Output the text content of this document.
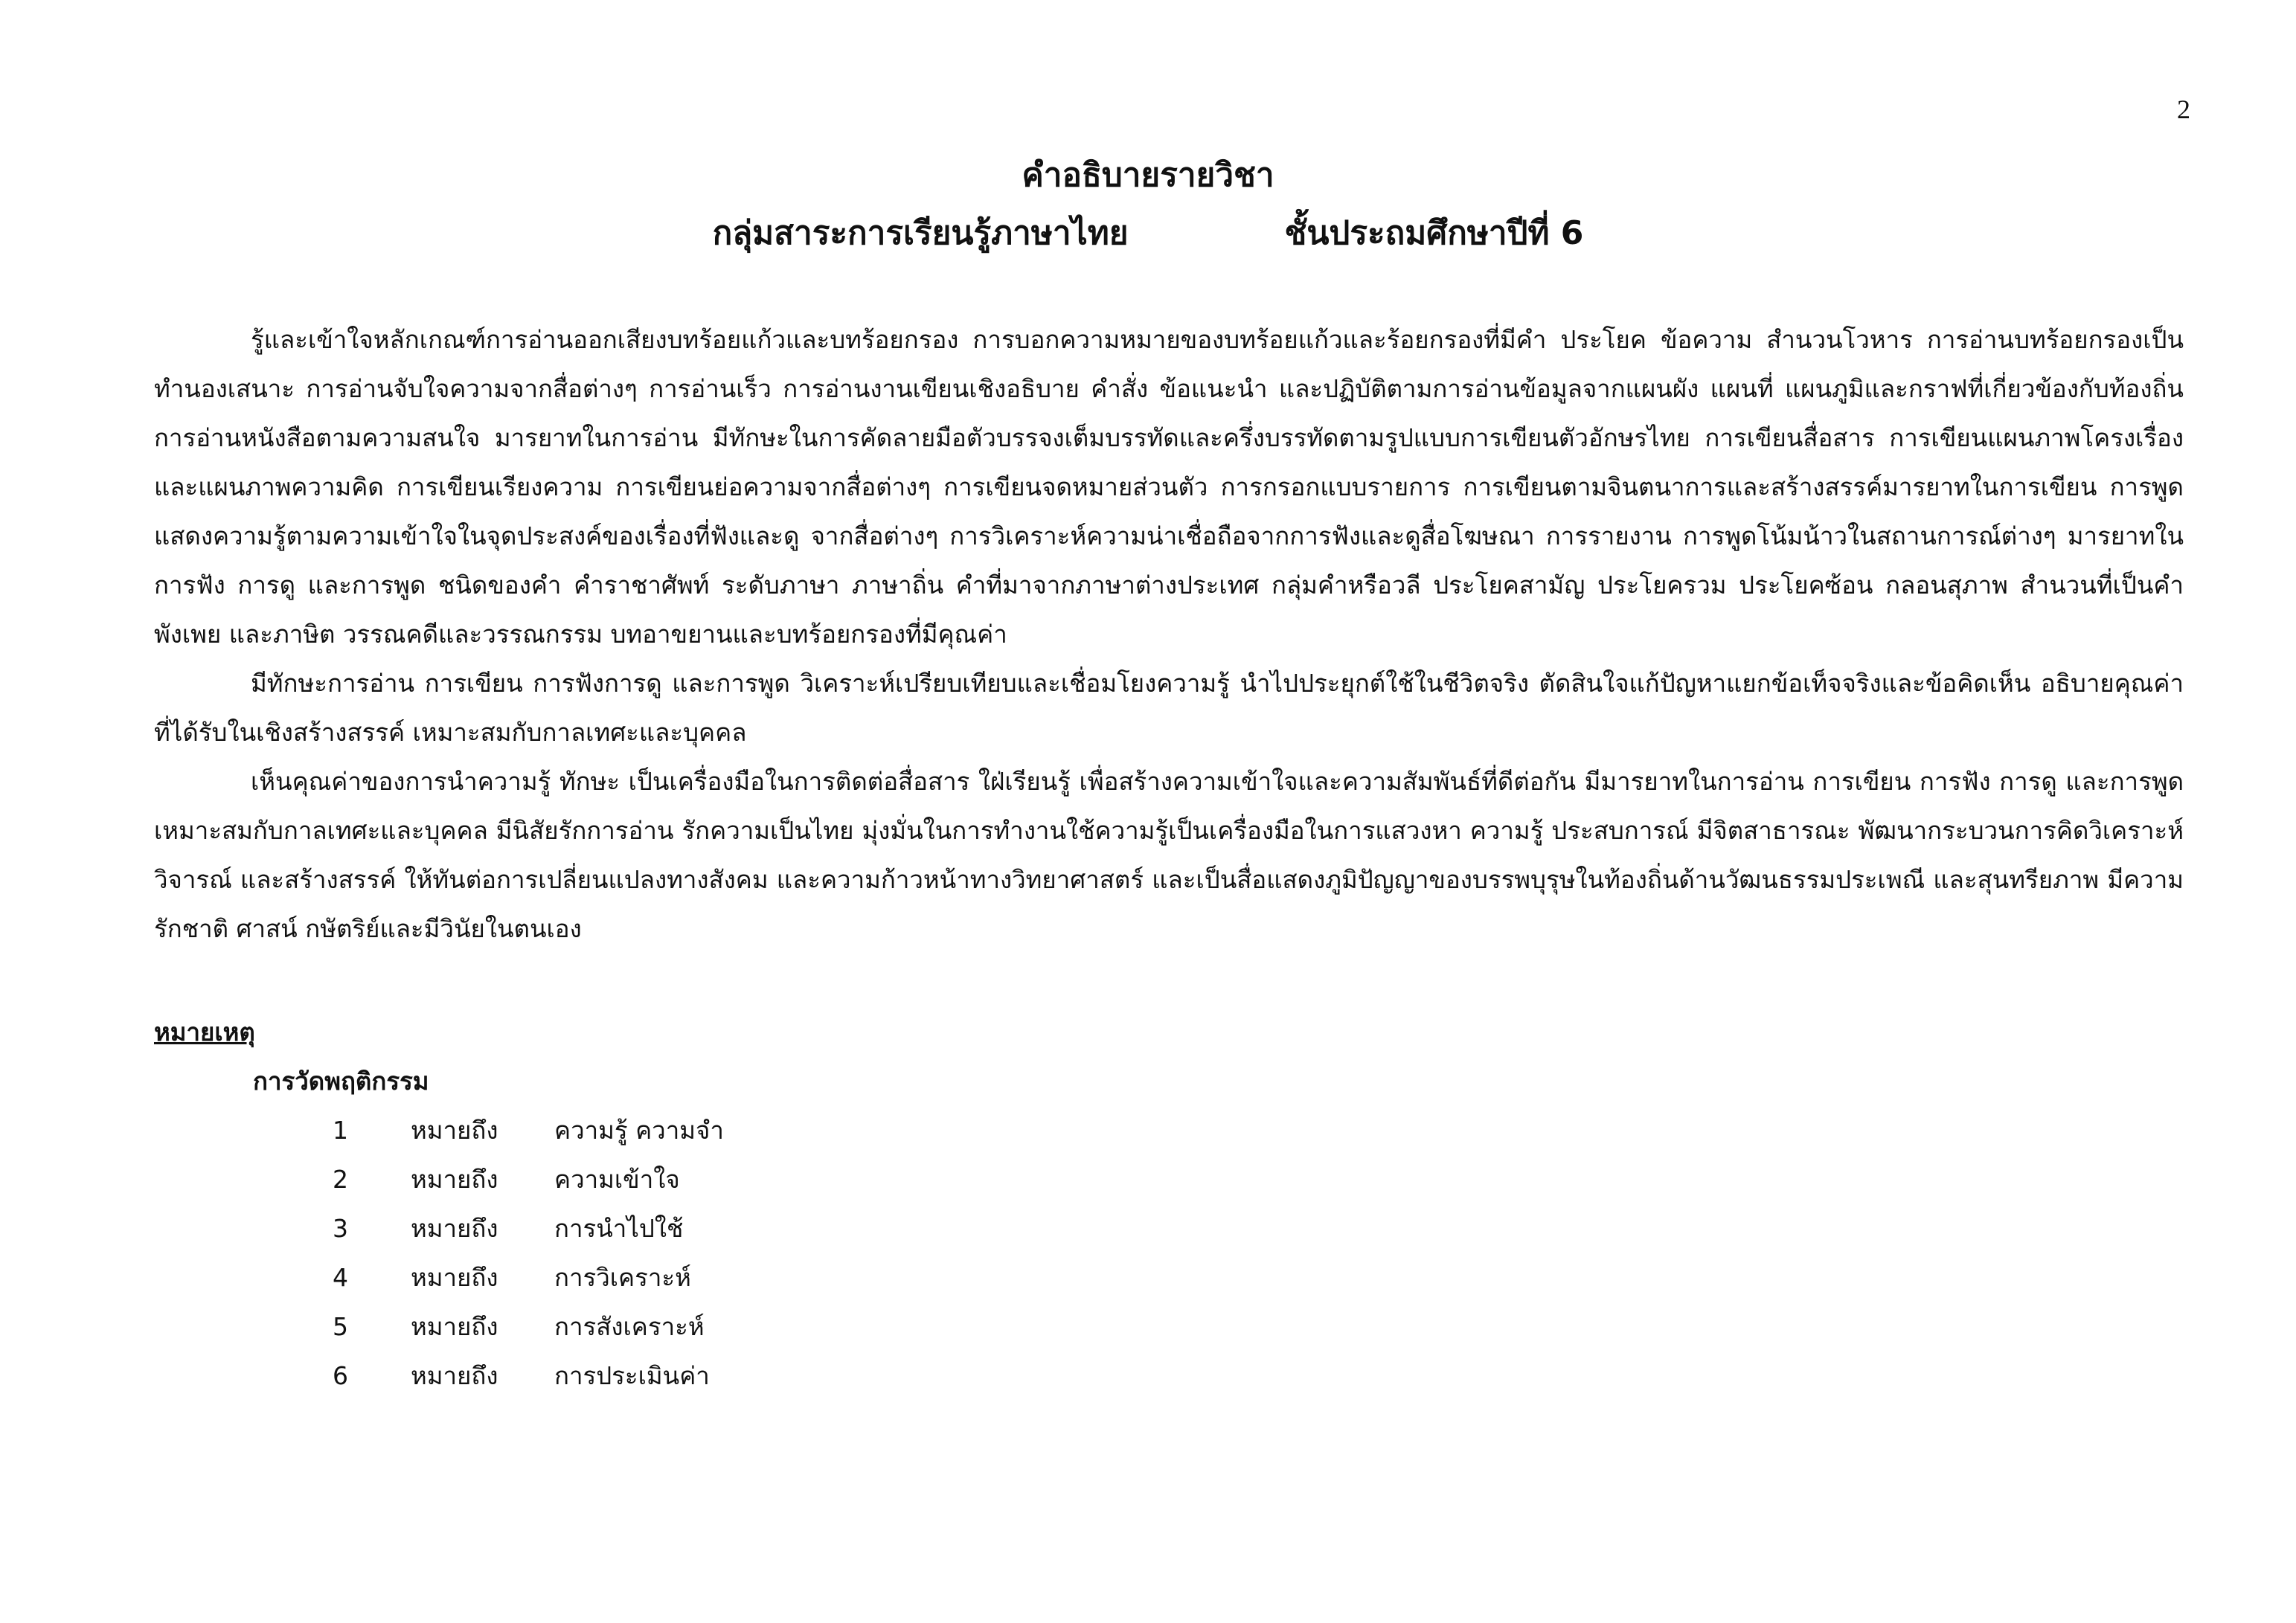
2
คำอธิบายรายวิชา
กลุ่มสาระการเรียนรู้ภาษาไทย	ชั้นประถมศึกษาปีที่ 6

รู้และเข้าใจหลักเกณฑ์การอ่านออกเสียงบทร้อยแก้วและบทร้อยกรอง การบอกความหมายของบทร้อยแก้วและร้อยกรองที่มีคำ ประโยค ข้อความ สำนวนโวหาร การอ่านบทร้อยกรองเป็นทำนองเสนาะ การอ่านจับใจความจากสื่อต่างๆ การอ่านเร็ว การอ่านงานเขียนเชิงอธิบาย คำสั่ง ข้อแนะนำ และปฏิบัติตามการอ่านข้อมูลจากแผนผัง แผนที่ แผนภูมิและกราฟที่เกี่ยวข้องกับท้องถิ่น การอ่านหนังสือตามความสนใจ มารยาทในการอ่าน มีทักษะในการคัดลายมือตัวบรรจงเต็มบรรทัดและครึ่งบรรทัดตามรูปแบบการเขียนตัวอักษรไทย การเขียนสื่อสาร การเขียนแผนภาพโครงเรื่องและแผนภาพความคิด การเขียนเรียงความ การเขียนย่อความจากสื่อต่างๆ การเขียนจดหมายส่วนตัว การกรอกแบบรายการ การเขียนตามจินตนาการและสร้างสรรค์มารยาทในการเขียน การพูดแสดงความรู้ตามความเข้าใจในจุดประสงค์ของเรื่องที่ฟังและดู จากสื่อต่างๆ การวิเคราะห์ความน่าเชื่อถือจากการฟังและดูสื่อโฆษณา การรายงาน การพูดโน้มน้าวในสถานการณ์ต่างๆ มารยาทในการฟัง การดู และการพูด ชนิดของคำ คำราชาศัพท์ ระดับภาษา ภาษาถิ่น คำที่มาจากภาษาต่างประเทศ กลุ่มคำหรือวลี ประโยคสามัญ ประโยครวม ประโยคซ้อน กลอนสุภาพ สำนวนที่เป็นคำพังเพย และภาษิต วรรณคดีและวรรณกรรม บทอาขยานและบทร้อยกรองที่มีคุณค่า

มีทักษะการอ่าน การเขียน การฟังการดู และการพูด วิเคราะห์เปรียบเทียบและเชื่อมโยงความรู้ นำไปประยุกต์ใช้ในชีวิตจริง ตัดสินใจแก้ปัญหาแยกข้อเท็จจริงและข้อคิดเห็น อธิบายคุณค่าที่ได้รับในเชิงสร้างสรรค์ เหมาะสมกับกาลเทศะและบุคคล

เห็นคุณค่าของการนำความรู้ ทักษะ เป็นเครื่องมือในการติดต่อสื่อสาร ใฝ่เรียนรู้ เพื่อสร้างความเข้าใจและความสัมพันธ์ที่ดีต่อกัน มีมารยาทในการอ่าน การเขียน การฟัง การดู และการพูด เหมาะสมกับกาลเทศะและบุคคล มีนิสัยรักการอ่าน รักความเป็นไทย มุ่งมั่นในการทำงานใช้ความรู้เป็นเครื่องมือในการแสวงหา ความรู้ ประสบการณ์ มีจิตสาธารณะ พัฒนากระบวนการคิดวิเคราะห์วิจารณ์ และสร้างสรรค์ ให้ทันต่อการเปลี่ยนแปลงทางสังคม และความก้าวหน้าทางวิทยาศาสตร์ และเป็นสื่อแสดงภูมิปัญญาของบรรพบุรุษในท้องถิ่นด้านวัฒนธรรมประเพณี และสุนทรียภาพ มีความรักชาติ ศาสน์ กษัตริย์และมีวินัยในตนเอง

หมายเหตุ
การวัดพฤติกรรม
1	หมายถึง	ความรู้ ความจำ
2	หมายถึง	ความเข้าใจ
3	หมายถึง	การนำไปใช้
4	หมายถึง	การวิเคราะห์
5	หมายถึง	การสังเคราะห์
6	หมายถึง	การประเมินค่า
